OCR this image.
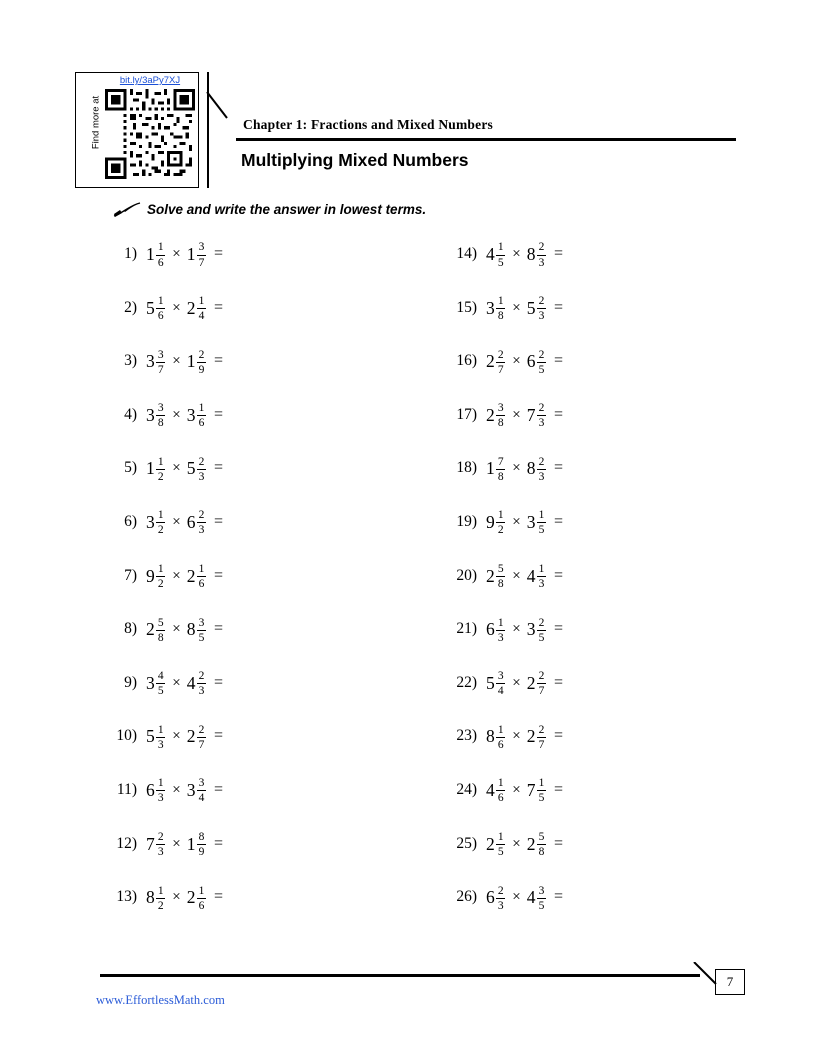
bit.ly/3aPy7XJ
Find more at	Chapter 1: Fractions and Mixed Numbers
Multiplying Mixed Numbers
Solve and write the answer in lowest terms.
1) $1 \frac{1}{6} \times 1 \frac{3}{7}$ =
2) $5 \frac{1}{6} \times 2 \frac{1}{4}$ =
3) $3 \frac{3}{7} \times 1 \frac{2}{9}$ =
4) $3 \frac{3}{8} \times 3 \frac{1}{6}$ =
5) $1 \frac{1}{2} \times 5 \frac{2}{3}$ =
6) $3 \frac{1}{2} \times 6 \frac{2}{3}$ =
7) $9 \frac{1}{2} \times 2 \frac{1}{6}$ =
8) $2 \frac{5}{8} \times 8 \frac{3}{5}$ =
9) $3 \frac{4}{5} \times 4 \frac{2}{3}$ =
10) $5 \frac{1}{3} \times 2 \frac{2}{7}$ =
11) $6 \frac{1}{3} \times 3 \frac{3}{4}$ =
12) $7 \frac{2}{3} \times 1 \frac{8}{9}$ =
13) $8 \frac{1}{2} \times 2 \frac{1}{6}$ =
14) $4 \frac{1}{5} \times 8 \frac{2}{3}$ =
15) $3 \frac{1}{8} \times 5 \frac{2}{3}$ =
16) $2 \frac{2}{7} \times 6 \frac{2}{5}$ =
17) $2 \frac{3}{8} \times 7 \frac{2}{3}$ =
18) $1 \frac{7}{8} \times 8 \frac{2}{3}$ =
19) $9 \frac{1}{2} \times 3 \frac{1}{5}$ =
20) $2 \frac{5}{8} \times 4 \frac{1}{3}$ =
21) $6 \frac{1}{3} \times 3 \frac{2}{5}$ =
22) $5 \frac{3}{4} \times 2 \frac{2}{7}$ =
23) $8 \frac{1}{6} \times 2 \frac{2}{7}$ =
24) $4 \frac{1}{6} \times 7 \frac{1}{5}$ =
25) $2 \frac{1}{5} \times 2 \frac{5}{8}$ =
26) $6 \frac{2}{3} \times 4 \frac{3}{5}$ =
7
www.EffortlessMath.com
